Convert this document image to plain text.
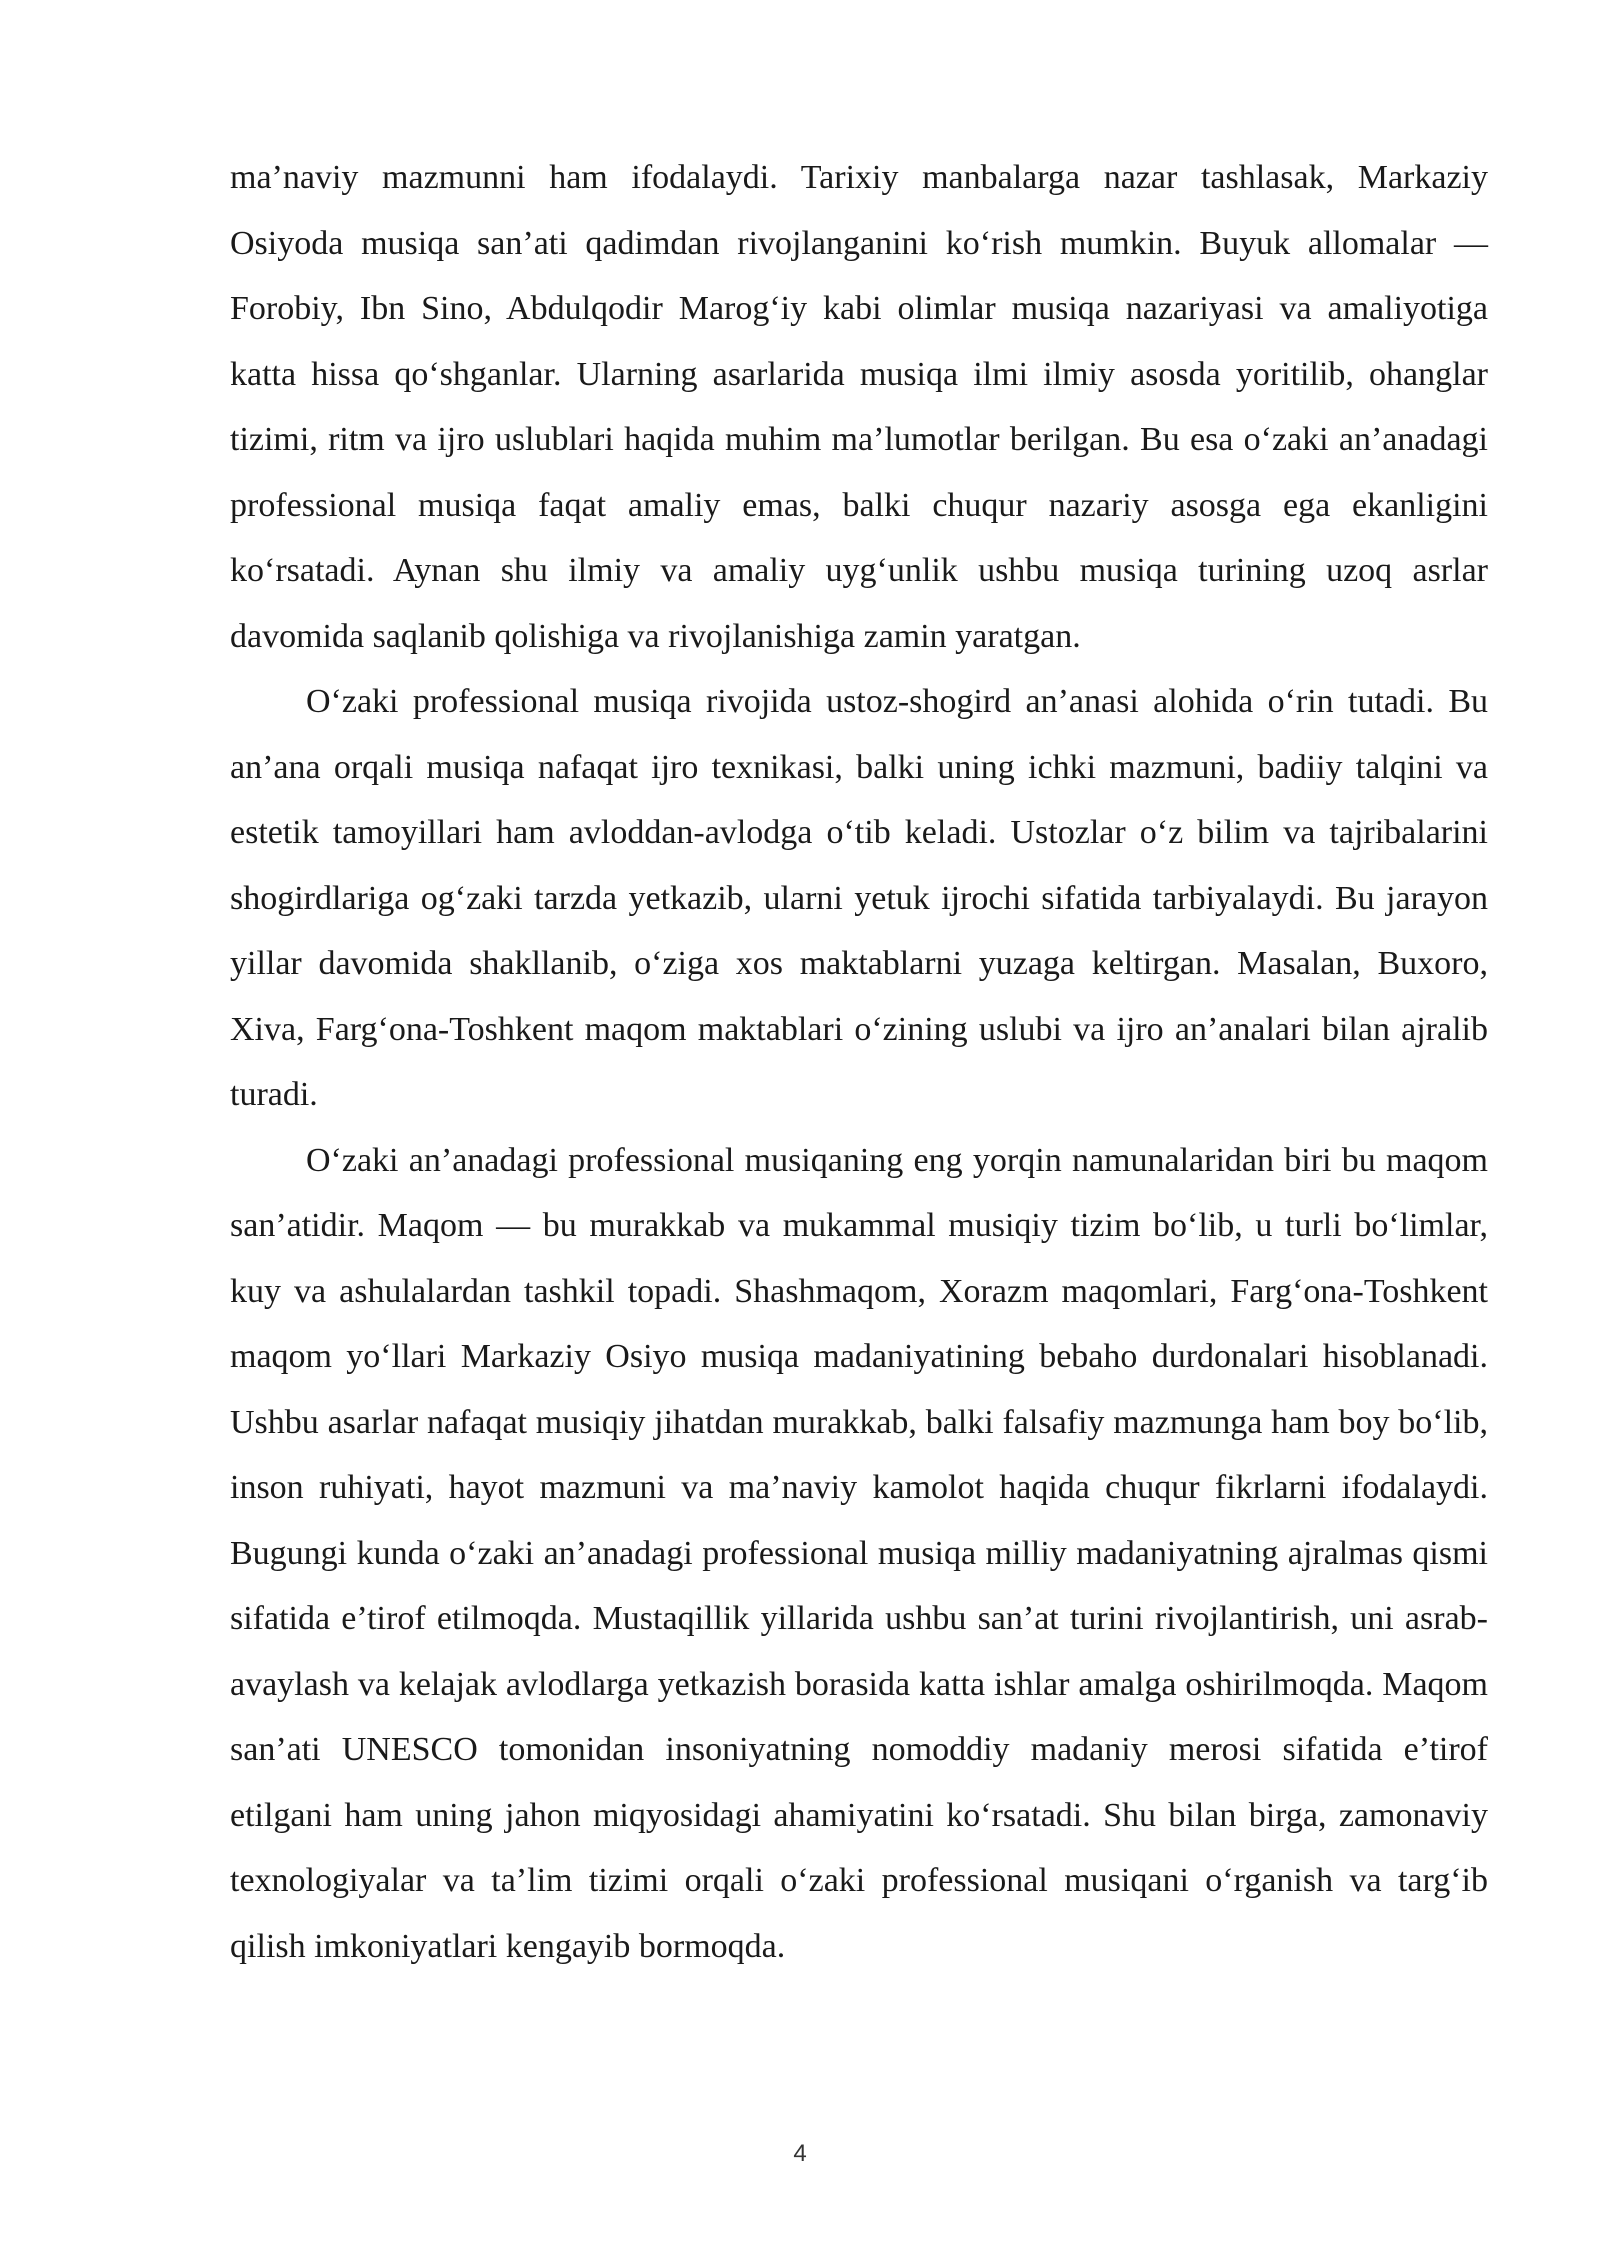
ma’naviy mazmunni ham ifodalaydi. Tarixiy manbalarga nazar tashlasak, Markaziy Osiyoda musiqa san’ati qadimdan rivojlanganini ko‘rish mumkin. Buyuk allomalar — Forobiy, Ibn Sino, Abdulqodir Marog‘iy kabi olimlar musiqa nazariyasi va amaliyotiga katta hissa qo‘shganlar. Ularning asarlarida musiqa ilmi ilmiy asosda yoritilib, ohanglar tizimi, ritm va ijro uslublari haqida muhim ma’lumotlar berilgan. Bu esa o‘zaki an’anadagi professional musiqa faqat amaliy emas, balki chuqur nazariy asosga ega ekanligini ko‘rsatadi. Aynan shu ilmiy va amaliy uyg‘unlik ushbu musiqa turining uzoq asrlar davomida saqlanib qolishiga va rivojlanishiga zamin yaratgan.

O‘zaki professional musiqa rivojida ustoz-shogird an’anasi alohida o‘rin tutadi. Bu an’ana orqali musiqa nafaqat ijro texnikasi, balki uning ichki mazmuni, badiiy talqini va estetik tamoyillari ham avloddan-avlodga o‘tib keladi. Ustozlar o‘z bilim va tajribalarini shogirdlariga og‘zaki tarzda yetkazib, ularni yetuk ijrochi sifatida tarbiyalaydi. Bu jarayon yillar davomida shakllanib, o‘ziga xos maktablarni yuzaga keltirgan. Masalan, Buxoro, Xiva, Farg‘ona-Toshkent maqom maktablari o‘zining uslubi va ijro an’analari bilan ajralib turadi.

O‘zaki an’anadagi professional musiqaning eng yorqin namunalaridan biri bu maqom san’atidir. Maqom — bu murakkab va mukammal musiqiy tizim bo‘lib, u turli bo‘limlar, kuy va ashulalardan tashkil topadi. Shashmaqom, Xorazm maqomlari, Farg‘ona-Toshkent maqom yo‘llari Markaziy Osiyo musiqa madaniyatining bebaho durdonalari hisoblanadi. Ushbu asarlar nafaqat musiqiy jihatdan murakkab, balki falsafiy mazmunga ham boy bo‘lib, inson ruhiyati, hayot mazmuni va ma’naviy kamolot haqida chuqur fikrlarni ifodalaydi. Bugungi kunda o‘zaki an’anadagi professional musiqa milliy madaniyatning ajralmas qismi sifatida e’tirof etilmoqda. Mustaqillik yillarida ushbu san’at turini rivojlantirish, uni asrab-avaylash va kelajak avlodlarga yetkazish borasida katta ishlar amalga oshirilmoqda. Maqom san’ati UNESCO tomonidan insoniyatning nomoddiy madaniy merosi sifatida e’tirof etilgani ham uning jahon miqyosidagi ahamiyatini ko‘rsatadi. Shu bilan birga, zamonaviy texnologiyalar va ta’lim tizimi orqali o‘zaki professional musiqani o‘rganish va targ‘ib qilish imkoniyatlari kengayib bormoqda.

4
